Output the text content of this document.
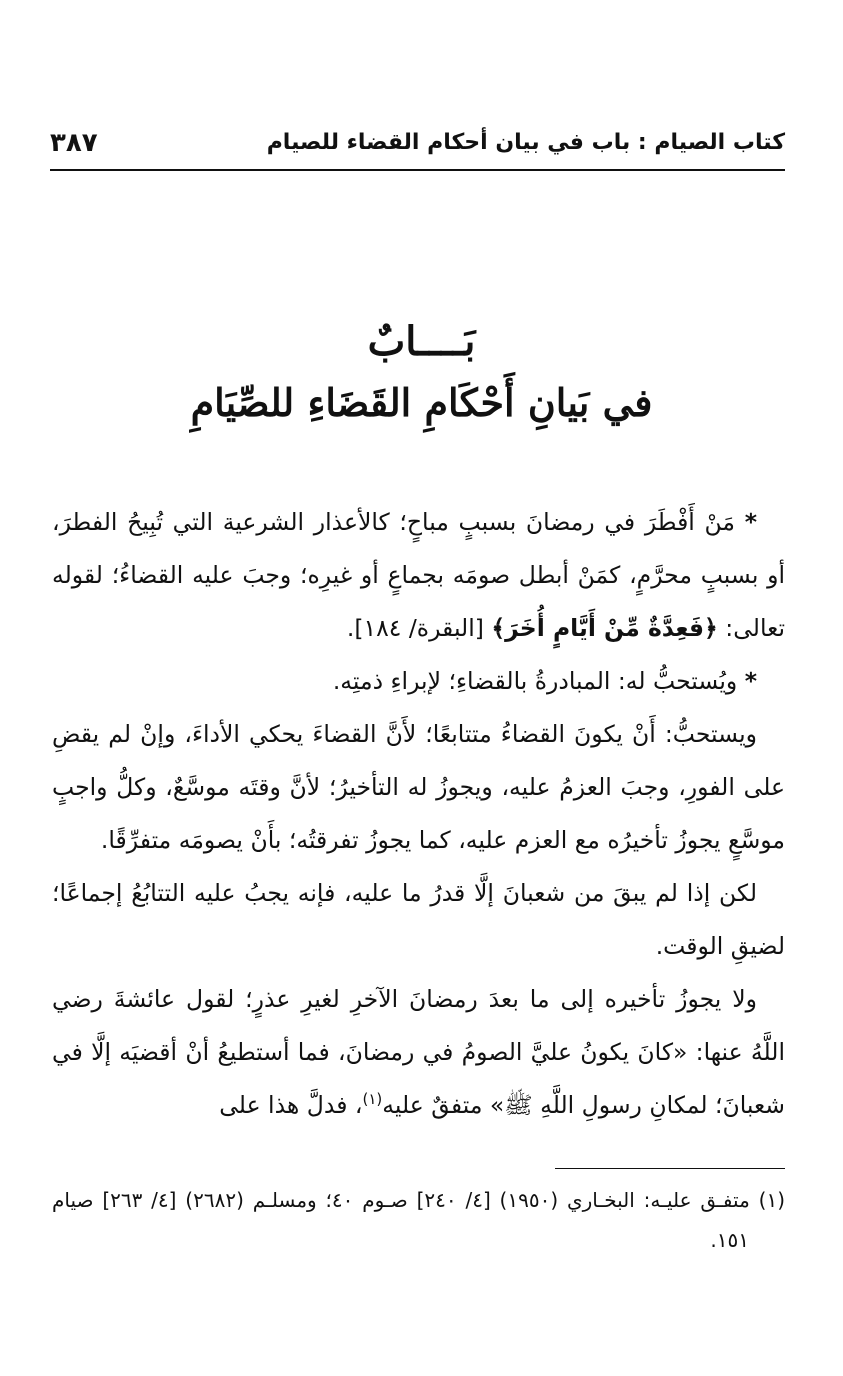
كتاب الصيام : باب في بيان أحكام القضاء للصيام
٣٨٧
بَــــابٌ
في بَيانِ أَحْكَامِ القَضَاءِ للصِّيَامِ

* مَنْ أَفْطَرَ في رمضانَ بسببٍ مباحٍ؛ كالأعذار الشرعية التي تُبِيحُ الفطرَ، أو بسببٍ محرَّمٍ، كمَنْ أبطل صومَه بجماعٍ أو غيرِه؛ وجبَ عليه القضاءُ؛ لقوله تعالى: ﴿فَعِدَّةٌ مِّنْ أَيَّامٍ أُخَرَ﴾ [البقرة/ ١٨٤].

* ويُستحبُّ له: المبادرةُ بالقضاءِ؛ لإبراءِ ذمتِه.

ويستحبُّ: أَنْ يكونَ القضاءُ متتابعًا؛ لأَنَّ القضاءَ يحكي الأداءَ، وإنْ لم يقضِ على الفورِ، وجبَ العزمُ عليه، ويجوزُ له التأخيرُ؛ لأنَّ وقتَه موسَّعٌ، وكلُّ واجبٍ موسَّعٍ يجوزُ تأخيرُه مع العزم عليه، كما يجوزُ تفرقتُه؛ بأَنْ يصومَه متفرِّقًا.

لكن إذا لم يبقَ من شعبانَ إلَّا قدرُ ما عليه، فإنه يجبُ عليه التتابُعُ إجماعًا؛ لضيقِ الوقت.

ولا يجوزُ تأخيره إلى ما بعدَ رمضانَ الآخرِ لغيرِ عذرٍ؛ لقول عائشةَ رضي اللَّهُ عنها: «كانَ يكونُ عليَّ الصومُ في رمضانَ، فما أستطيعُ أنْ أقضيَه إلَّا في شعبانَ؛ لمكانِ رسولِ اللَّهِ ﷺ» متفقٌ عليه$^{(١)}$، فدلَّ هذا على

(١) متفـق عليـه: البخـاري (١٩٥٠) [٤/ ٢٤٠] صـوم ٤٠؛ ومسلـم (٢٦٨٢) [٤/ ٢٦٣] صيام ١٥١.
